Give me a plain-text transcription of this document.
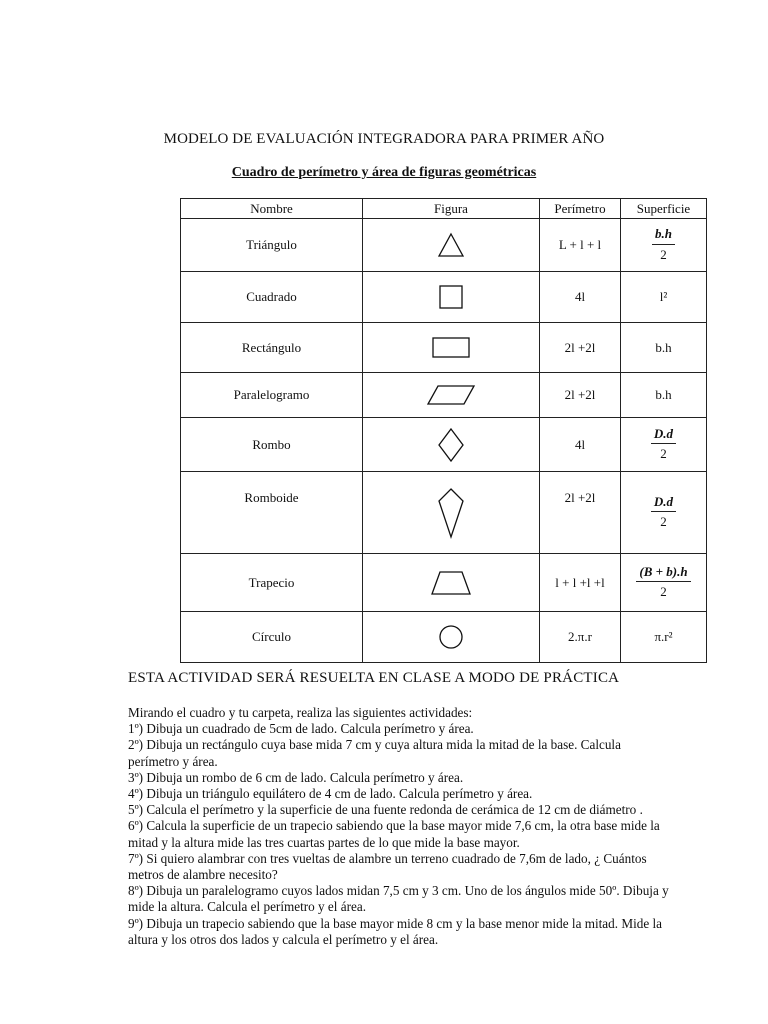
MODELO DE EVALUACIÓN INTEGRADORA PARA PRIMER AÑO
Cuadro de perímetro y área de figuras geométricas
Nombre	Figura	Perímetro	Superficie
Triángulo		L + l + l	$\frac{b.h}{2}$

Cuadrado		4l	l²
Rectángulo		2l +2l	b.h
Paralelogramo		2l +2l	b.h
Rombo		4l	$\frac{D.d}{2}$

Romboide		2l +2l	$\frac{D.d}{2}$

Trapecio		l + l +l +l	$\frac{(B + b).h}{2}$

Círculo		2.π.r	π.r²
ESTA ACTIVIDAD SERÁ RESUELTA EN CLASE A MODO DE PRÁCTICA

Mirando el cuadro y tu carpeta, realiza las siguientes actividades:

1º) Dibuja un cuadrado de 5cm de lado. Calcula perímetro y área.

2º) Dibuja un rectángulo cuya base mida 7 cm y cuya altura mida la mitad de la base. Calcula perímetro y área.

3º) Dibuja un rombo de 6 cm de lado. Calcula perímetro y área.

4º) Dibuja un triángulo equilátero de 4 cm de lado. Calcula perímetro y área.

5º) Calcula el perímetro y la superficie de una fuente redonda de cerámica de 12 cm de diámetro .

6º) Calcula la superficie de un trapecio sabiendo que la base mayor mide 7,6 cm, la otra base mide la mitad y la altura mide las tres cuartas partes de lo que mide la base mayor.

7º) Si quiero alambrar con tres vueltas de alambre un terreno cuadrado de 7,6m de lado, ¿ Cuántos metros de alambre necesito?

8º) Dibuja un paralelogramo cuyos lados midan 7,5 cm y 3 cm. Uno de los ángulos mide 50º. Dibuja y mide la altura. Calcula el perímetro y el área.

9º) Dibuja un trapecio sabiendo que la base mayor mide 8 cm y la base menor mide la mitad. Mide la altura y los otros dos lados y calcula el perímetro y el área.
